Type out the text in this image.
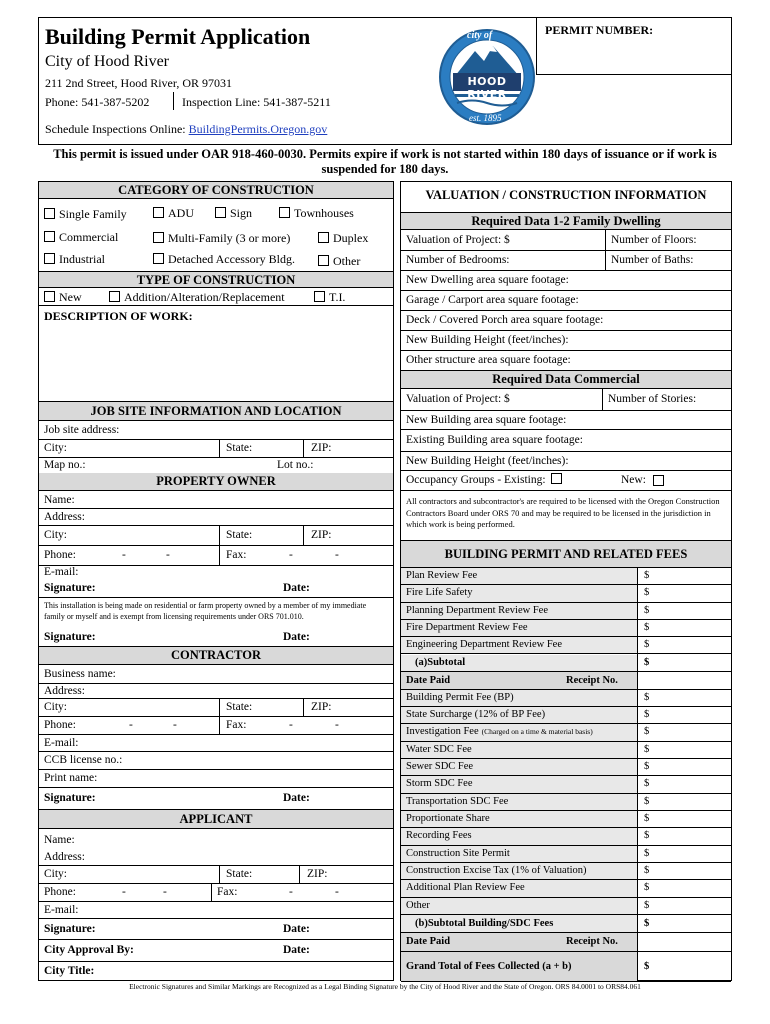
Building Permit Application
City of Hood River
211 2nd Street, Hood River, OR 97031
Phone: 541-387-5202	Inspection Line: 541-387-5211
Schedule Inspections Online: BuildingPermits.Oregon.gov
city of
HOOD RIVER
est. 1895
PERMIT NUMBER:
This permit is issued under OAR 918-460-0030. Permits expire if work is not started within 180 days of issuance or if work is suspended for 180 days.
CATEGORY OF CONSTRUCTION
Single Family	ADU	Sign	Townhouses
Commercial	Multi-Family (3 or more)	Duplex
Industrial	Detached Accessory Bldg.	Other
TYPE OF CONSTRUCTION
New	Addition/Alteration/Replacement	T.I.
DESCRIPTION OF WORK:
JOB SITE INFORMATION AND LOCATION
Job site address:
City:	State:	ZIP:
Map no.:	Lot no.:
PROPERTY OWNER
Name:
Address:
City:	State:	ZIP:
Phone:	-	-	Fax:	-	-
E-mail:
Signature:	Date:
This installation is being made on residential or farm property owned by a member of my immediate family or myself and is exempt from licensing requirements under ORS 701.010.
Signature:	Date:
CONTRACTOR
Business name:
Address:
City:	State:	ZIP:
Phone:	-	-	Fax:	-	-
E-mail:
CCB license no.:
Print name:
Signature:	Date:
APPLICANT
Name:
Address:
City:	State:	ZIP:
Phone:	-	-	Fax:	-	-
E-mail:
Signature:	Date:
City Approval By:	Date:
City Title:
VALUATION / CONSTRUCTION INFORMATION
Required Data 1-2 Family Dwelling
Valuation of Project: $	Number of Floors:
Number of Bedrooms:	Number of Baths:
New Dwelling area square footage:
Garage / Carport area square footage:
Deck / Covered Porch area square footage:
New Building Height (feet/inches):
Other structure area square footage:
Required Data Commercial
Valuation of Project: $	Number of Stories:
New Building area square footage:
Existing Building area square footage:
New Building Height (feet/inches):
Occupancy Groups - Existing:	New:
All contractors and subcontractor's are required to be licensed with the Oregon Construction Contractors Board under ORS 70 and may be required to be licensed in the jurisdiction in which work is being performed.
BUILDING PERMIT AND RELATED FEES
Plan Review Fee	$
Fire Life Safety	$
Planning Department Review Fee	$
Fire Department Review Fee	$
Engineering Department Review Fee	$
(a)Subtotal	$
Date Paid	Receipt No.
Building Permit Fee (BP)	$
State Surcharge (12% of BP Fee)	$
Investigation Fee (Charged on a time & material basis)	$
Water SDC Fee	$
Sewer SDC Fee	$
Storm SDC Fee	$
Transportation SDC Fee	$
Proportionate Share	$
Recording Fees	$
Construction Site Permit	$
Construction Excise Tax (1% of Valuation)	$
Additional Plan Review Fee	$
Other	$
(b)Subtotal Building/SDC Fees	$
Date Paid	Receipt No.
Grand Total of Fees Collected (a + b)	$
Electronic Signatures and Similar Markings are Recognized as a Legal Binding Signature by the City of Hood River and the State of Oregon. ORS 84.0001 to ORS84.061
